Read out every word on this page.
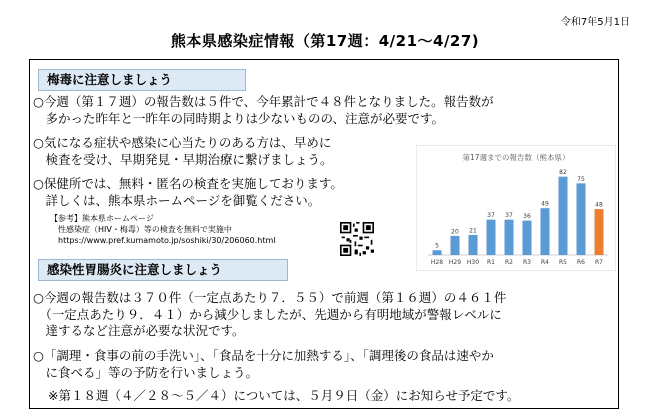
令和7年5月1日
熊本県感染症情報（第17週：4/21～4/27)
梅毒に注意しましょう
○今週（第１７週）の報告数は５件で、今年累計で４８件となりました。報告数が
　多かった昨年と一昨年の同時期よりは少ないものの、注意が必要です。
○気になる症状や感染に心当たりのある方は、早めに
　検査を受け、早期発見・早期治療に繋げましょう。
○保健所では、無料・匿名の検査を実施しております。
　詳しくは、熊本県ホームページを御覧ください。
【参考】熊本県ホームページ
　性感染症（HIV・梅毒）等の検査を無料で実施中
　https://www.pref.kumamoto.jp/soshiki/30/206060.html
第17週までの報告数（熊本県）
5
H28
20
H29
21
H30
37
R1
37
R2
36
R3
49
R4
82
R5
75
R6
48
R7
感染性胃腸炎に注意しましょう
○今週の報告数は３７０件（一定点あたり７．５５）で前週（第１６週）の４６１件
　（一定点あたり９．４１）から減少しましたが、先週から有明地域が警報レベルに
　達するなど注意が必要な状況です。
○「調理・食事の前の手洗い」、「食品を十分に加熱する」、「調理後の食品は速やか
　に食べる」等の予防を行いましょう。
※第１８週（４／２８～５／４）については、５月９日（金）にお知らせ予定です。
